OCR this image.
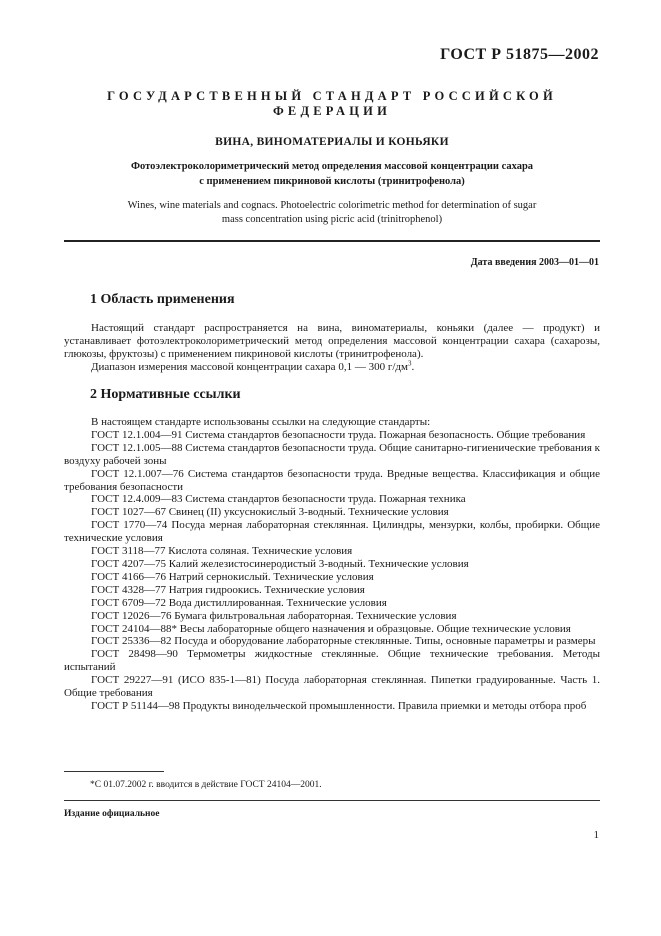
ГОСТ Р 51875—2002
ГОСУДАРСТВЕННЫЙ СТАНДАРТ РОССИЙСКОЙ ФЕДЕРАЦИИ
ВИНА, ВИНОМАТЕРИАЛЫ И КОНЬЯКИ
Фотоэлектроколориметрический метод определения массовой концентрации сахара
с применением пикриновой кислоты (тринитрофенола)
Wines, wine materials and cognacs. Photoelectric colorimetric method for determination of sugar
mass concentration using picric acid (trinitrophenol)
Дата введения 2003—01—01
1 Область применения

Настоящий стандарт распространяется на вина, виноматериалы, коньяки (далее — продукт) и устанавливает фотоэлектроколориметрический метод определения массовой концентрации сахара (сахарозы, глюкозы, фруктозы) с применением пикриновой кислоты (тринитрофенола).

Диапазон измерения массовой концентрации сахара 0,1 — 300 $г/дм^3$.

2 Нормативные ссылки
В настоящем стандарте использованы ссылки на следующие стандарты:
ГОСТ 12.1.004—91 Система стандартов безопасности труда. Пожарная безопасность. Общие требования
ГОСТ 12.1.005—88 Система стандартов безопасности труда. Общие санитарно-гигиенические требования к воздуху рабочей зоны
ГОСТ 12.1.007—76 Система стандартов безопасности труда. Вредные вещества. Классификация и общие требования безопасности
ГОСТ 12.4.009—83 Система стандартов безопасности труда. Пожарная техника
ГОСТ 1027—67 Свинец (II) уксуснокислый 3-водный. Технические условия
ГОСТ 1770—74 Посуда мерная лабораторная стеклянная. Цилиндры, мензурки, колбы, пробирки. Общие технические условия
ГОСТ 3118—77 Кислота соляная. Технические условия
ГОСТ 4207—75 Калий железистосинеродистый 3-водный. Технические условия
ГОСТ 4166—76 Натрий сернокислый. Технические условия
ГОСТ 4328—77 Натрия гидроокись. Технические условия
ГОСТ 6709—72 Вода дистиллированная. Технические условия
ГОСТ 12026—76 Бумага фильтровальная лабораторная. Технические условия
ГОСТ 24104—88* Весы лабораторные общего назначения и образцовые. Общие технические условия
ГОСТ 25336—82 Посуда и оборудование лабораторные стеклянные. Типы, основные параметры и размеры
ГОСТ 28498—90 Термометры жидкостные стеклянные. Общие технические требования. Методы испытаний
ГОСТ 29227—91 (ИСО 835-1—81) Посуда лабораторная стеклянная. Пипетки градуированные. Часть 1. Общие требования
ГОСТ Р 51144—98 Продукты винодельческой промышленности. Правила приемки и методы отбора проб
*С 01.07.2002 г. вводится в действие ГОСТ 24104—2001.
Издание официальное
1
